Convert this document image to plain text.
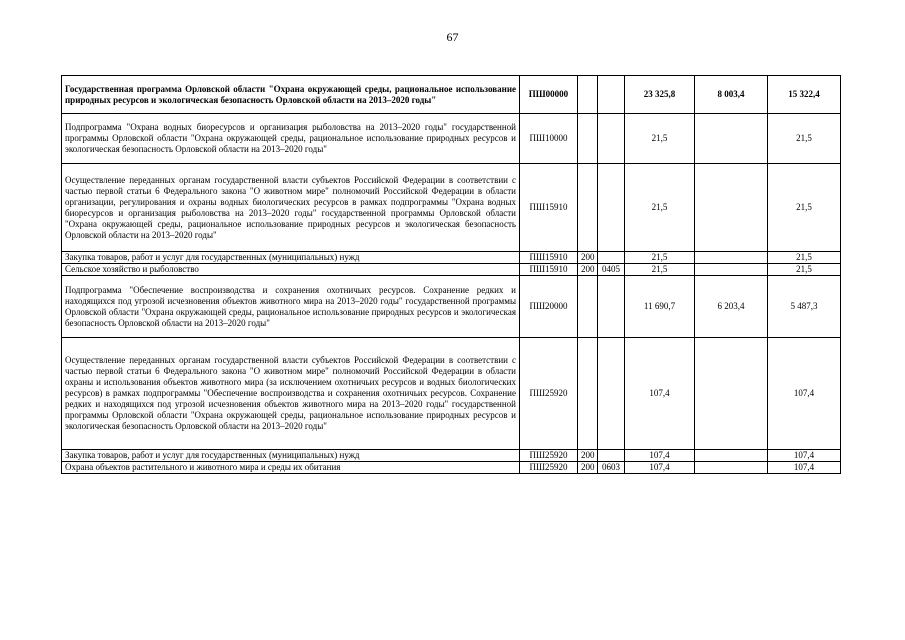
67
Государственная программа Орловской области "Охрана окружающей среды, рациональное использование природных ресурсов и экологическая безопасность Орловской области на 2013–2020 годы"	ПШ00000			23 325,8	8 003,4	15 322,4
Подпрограмма "Охрана водных биоресурсов и организация рыболовства на 2013–2020 годы" государственной программы Орловской области "Охрана окружающей среды, рациональное использование природных ресурсов и экологическая безопасность Орловской области на 2013–2020 годы"	ПШ10000			21,5		21,5
Осуществление переданных органам государственной власти субъектов Российской Федерации в соответствии с частью первой статьи 6 Федерального закона "О животном мире" полномочий Российской Федерации в области организации, регулирования и охраны водных биологических ресурсов в рамках подпрограммы "Охрана водных биоресурсов и организация рыболовства на 2013–2020 годы" государственной программы Орловской области "Охрана окружающей среды, рациональное использование природных ресурсов и экологическая безопасность Орловской области на 2013–2020 годы"	ПШ15910			21,5		21,5
Закупка товаров, работ и услуг для государственных (муниципальных) нужд	ПШ15910	200		21,5		21,5
Сельское хозяйство и рыболовство	ПШ15910	200	0405	21,5		21,5
Подпрограмма "Обеспечение воспроизводства и сохранения охотничьих ресурсов. Сохранение редких и находящихся под угрозой исчезновения объектов животного мира на 2013–2020 годы" государственной программы Орловской области "Охрана окружающей среды, рациональное использование природных ресурсов и экологическая безопасность Орловской области на 2013–2020 годы"	ПШ20000			11 690,7	6 203,4	5 487,3
Осуществление переданных органам государственной власти субъектов Российской Федерации в соответствии с частью первой статьи 6 Федерального закона "О животном мире" полномочий Российской Федерации в области охраны и использования объектов животного мира (за исключением охотничьих ресурсов и водных биологических ресурсов) в рамках подпрограммы "Обеспечение воспроизводства и сохранения охотничьих ресурсов. Сохранение редких и находящихся под угрозой исчезновения объектов животного мира на 2013–2020 годы" государственной программы Орловской области "Охрана окружающей среды, рациональное использование природных ресурсов и экологическая безопасность Орловской области на 2013–2020 годы"	ПШ25920			107,4		107,4
Закупка товаров, работ и услуг для государственных (муниципальных) нужд	ПШ25920	200		107,4		107,4
Охрана объектов растительного и животного мира и среды их обитания	ПШ25920	200	0603	107,4		107,4
